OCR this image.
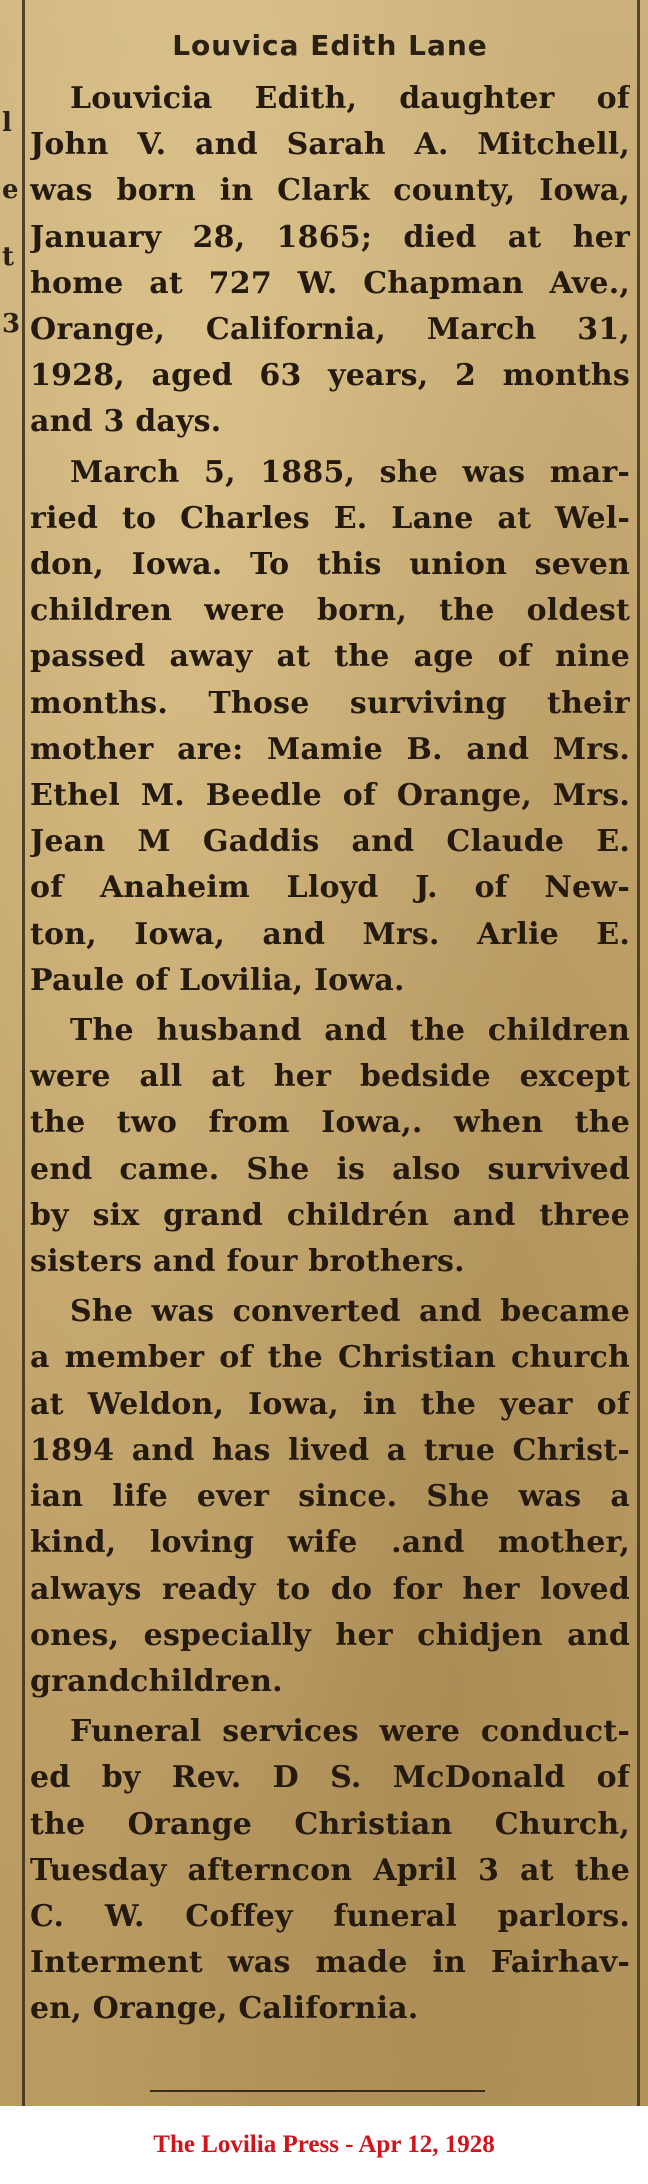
l
e
t
3
Louvica Edith Lane

Louvicia Edith, daughter of
John V. and Sarah A. Mitchell,
was born in Clark county, Iowa,
January 28, 1865; died at her
home at 727 W. Chapman Ave.,
Orange, California, March 31,
1928, aged 63 years, 2 months
and 3 days.

March 5, 1885, she was mar-
ried to Charles E. Lane at Wel-
don, Iowa. To this union seven
children were born, the oldest
passed away at the age of nine
months. Those surviving their
mother are: Mamie B. and Mrs.
Ethel M. Beedle of Orange, Mrs.
Jean M Gaddis and Claude E.
of Anaheim Lloyd J. of New-
ton, Iowa, and Mrs. Arlie E.
Paule of Lovilia, Iowa.

The husband and the children
were all at her bedside except
the two from Iowa,. when the
end came. She is also survived
by six grand childrén and three
sisters and four brothers.

She was converted and became
a member of the Christian church
at Weldon, Iowa, in the year of
1894 and has lived a true Christ-
ian life ever since. She was a
kind, loving wife .and mother,
always ready to do for her loved
ones, especially her chidjen and
grandchildren.

Funeral services were conduct-
ed by Rev. D S. McDonald of
the Orange Christian Church,
Tuesday afterncon April 3 at the
C. W. Coffey funeral parlors.
Interment was made in Fairhav-
en, Orange, California.

The Lovilia Press - Apr 12, 1928
